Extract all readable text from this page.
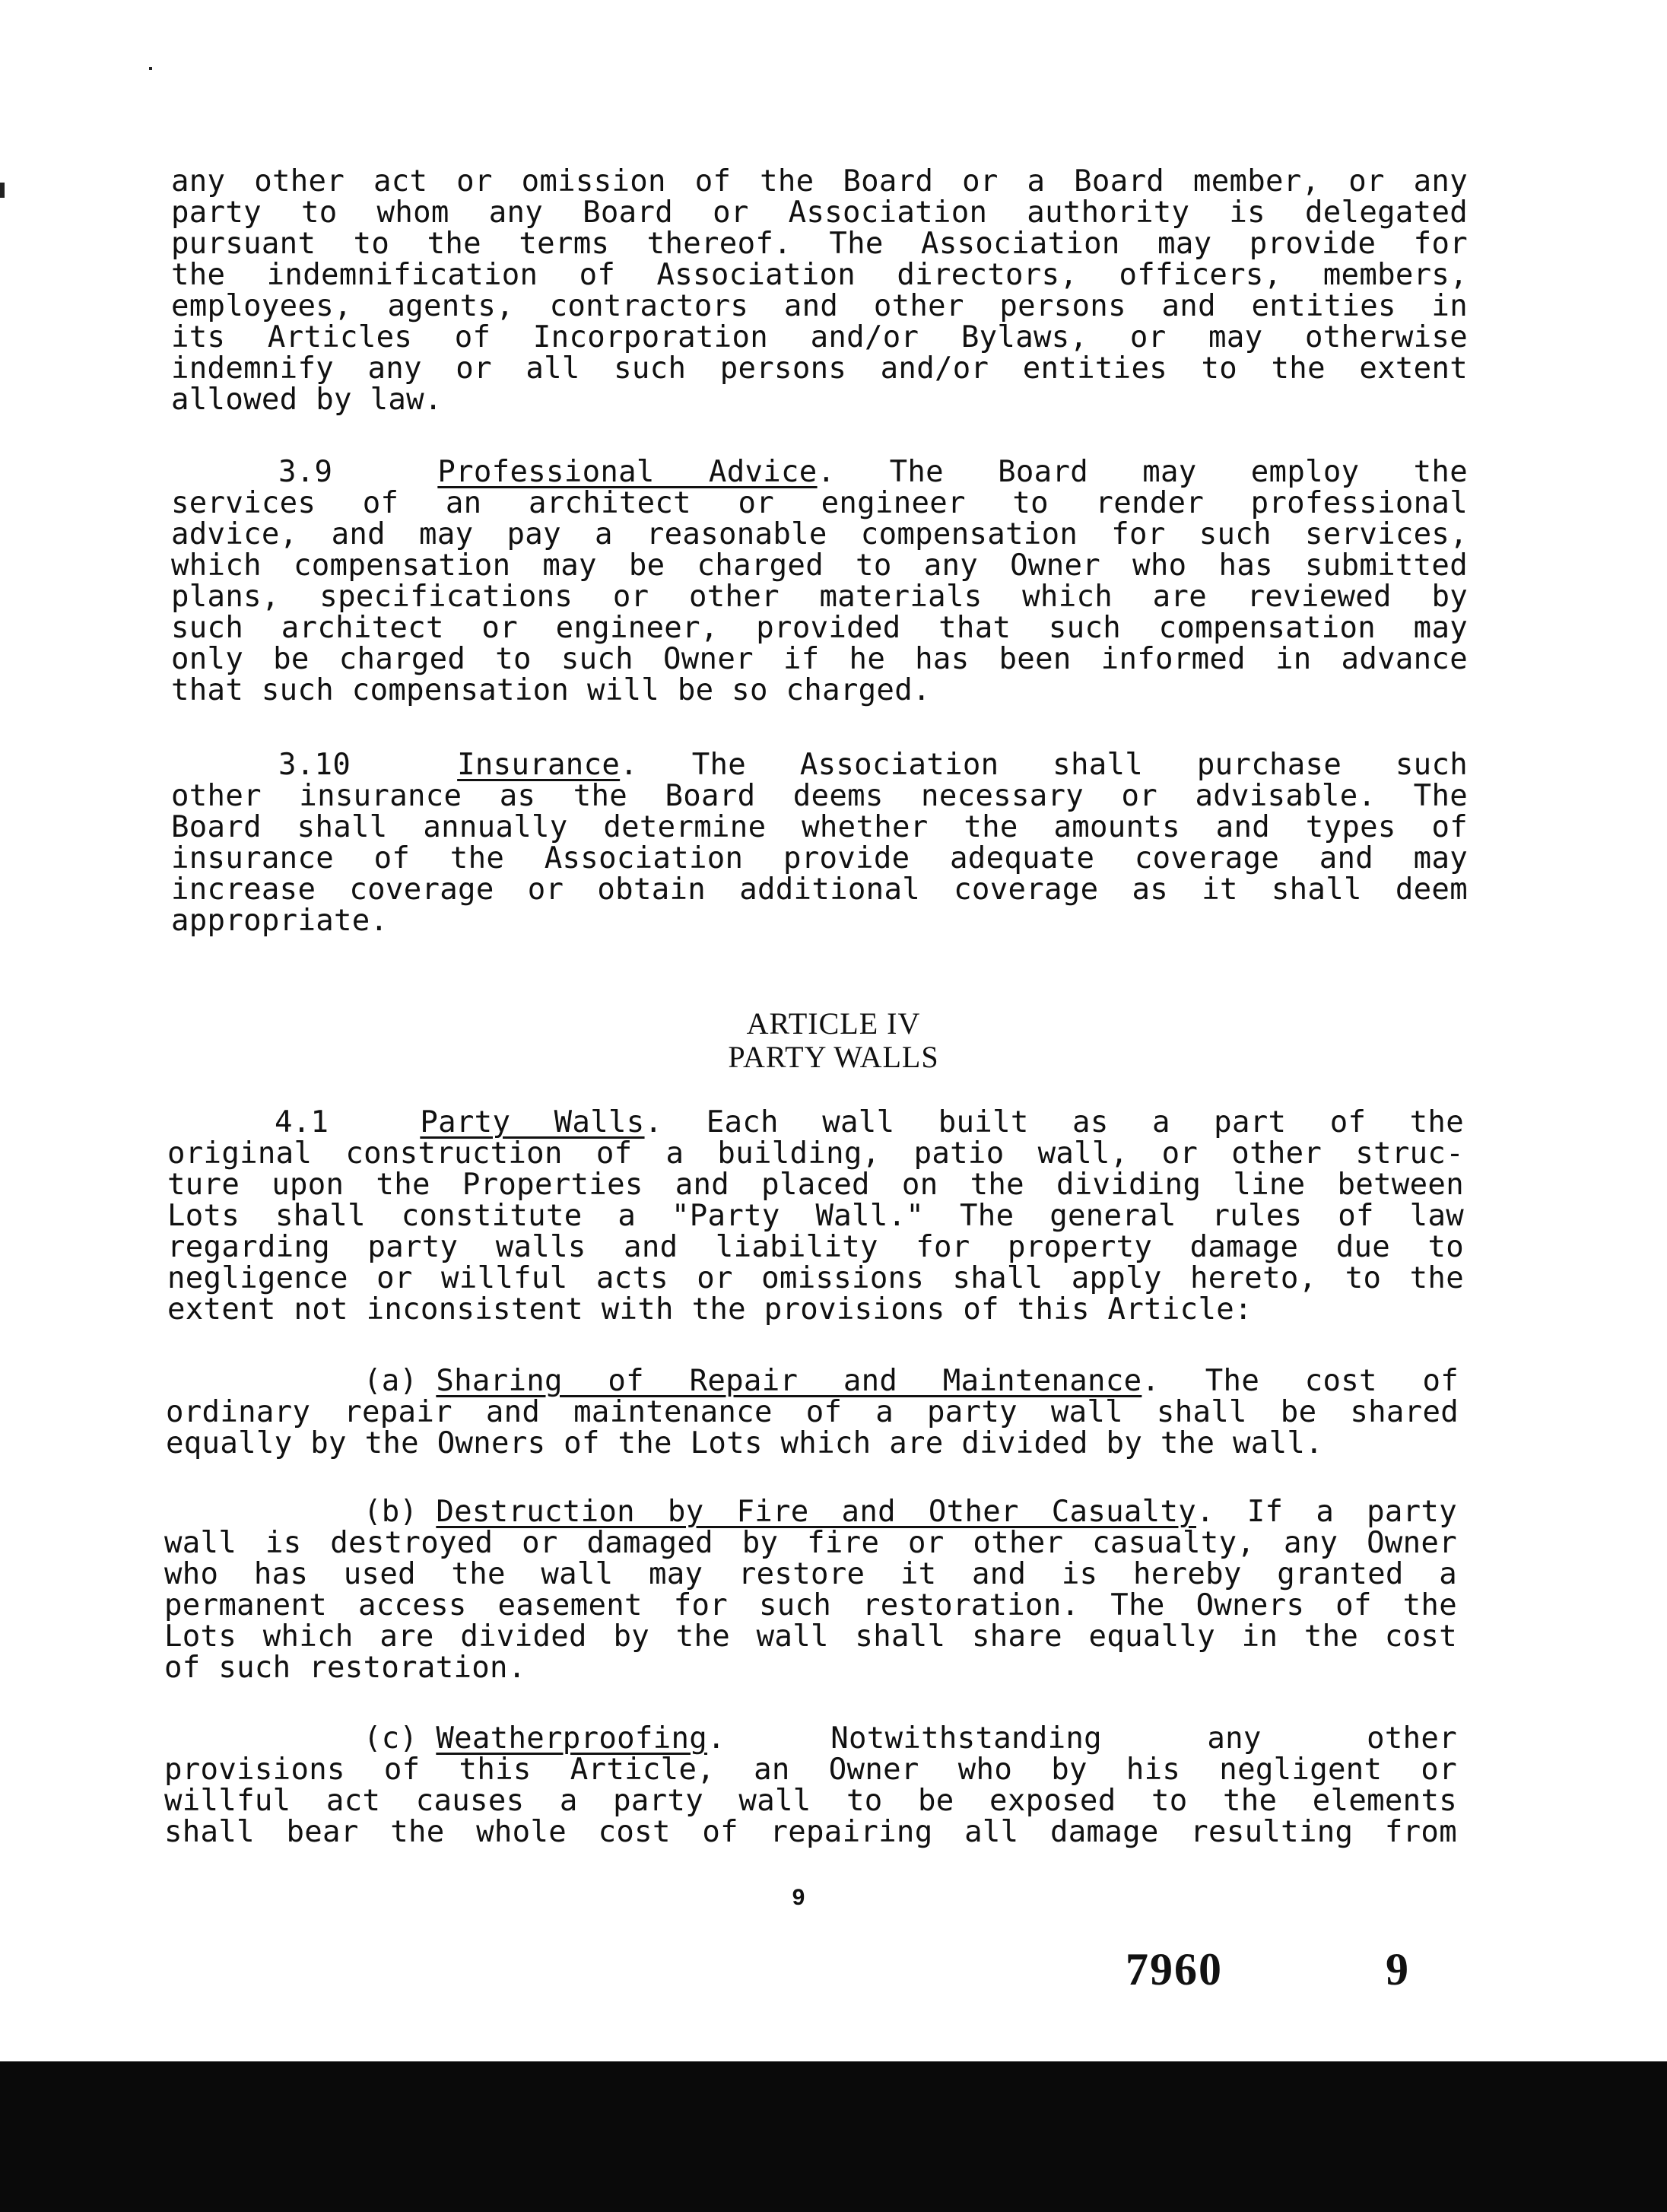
any other act or omission of the Board or a Board member, or any
party to whom any Board or Association authority is delegated
pursuant to the terms thereof. The Association may provide for
the indemnification of Association directors, officers, members,
employees, agents, contractors and other persons and entities in
its Articles of Incorporation and/or Bylaws, or may otherwise
indemnify any or all such persons and/or entities to the extent
allowed by law.
3.9	Professional Advice. The Board may employ the
services of an architect or engineer to render professional
advice, and may pay a reasonable compensation for such services,
which compensation may be charged to any Owner who has submitted
plans, specifications or other materials which are reviewed by
such architect or engineer, provided that such compensation may
only be charged to such Owner if he has been informed in advance
that such compensation will be so charged.
3.10	Insurance. The Association shall purchase such
other insurance as the Board deems necessary or advisable. The
Board shall annually determine whether the amounts and types of
insurance of the Association provide adequate coverage and may
increase coverage or obtain additional coverage as it shall deem
appropriate.
ARTICLE IV
PARTY WALLS
4.1	Party Walls. Each wall built as a part of the
original construction of a building, patio wall, or other struc-
ture upon the Properties and placed on the dividing line between
Lots shall constitute a "Party Wall." The general rules of law
regarding party walls and liability for property damage due to
negligence or willful acts or omissions shall apply hereto, to the
extent not inconsistent with the provisions of this Article:
(a) Sharing of Repair and Maintenance. The cost of
ordinary repair and maintenance of a party wall shall be shared
equally by the Owners of the Lots which are divided by the wall.
(b) Destruction by Fire and Other Casualty. If a party
wall is destroyed or damaged by fire or other casualty, any Owner
who has used the wall may restore it and is hereby granted a
permanent access easement for such restoration. The Owners of the
Lots which are divided by the wall shall share equally in the cost
of such restoration.
(c) Weatherproofing. Notwithstanding any other
provisions of this Article, an Owner who by his negligent or
willful act causes a party wall to be exposed to the elements
shall bear the whole cost of repairing all damage resulting from
9
7960	9
